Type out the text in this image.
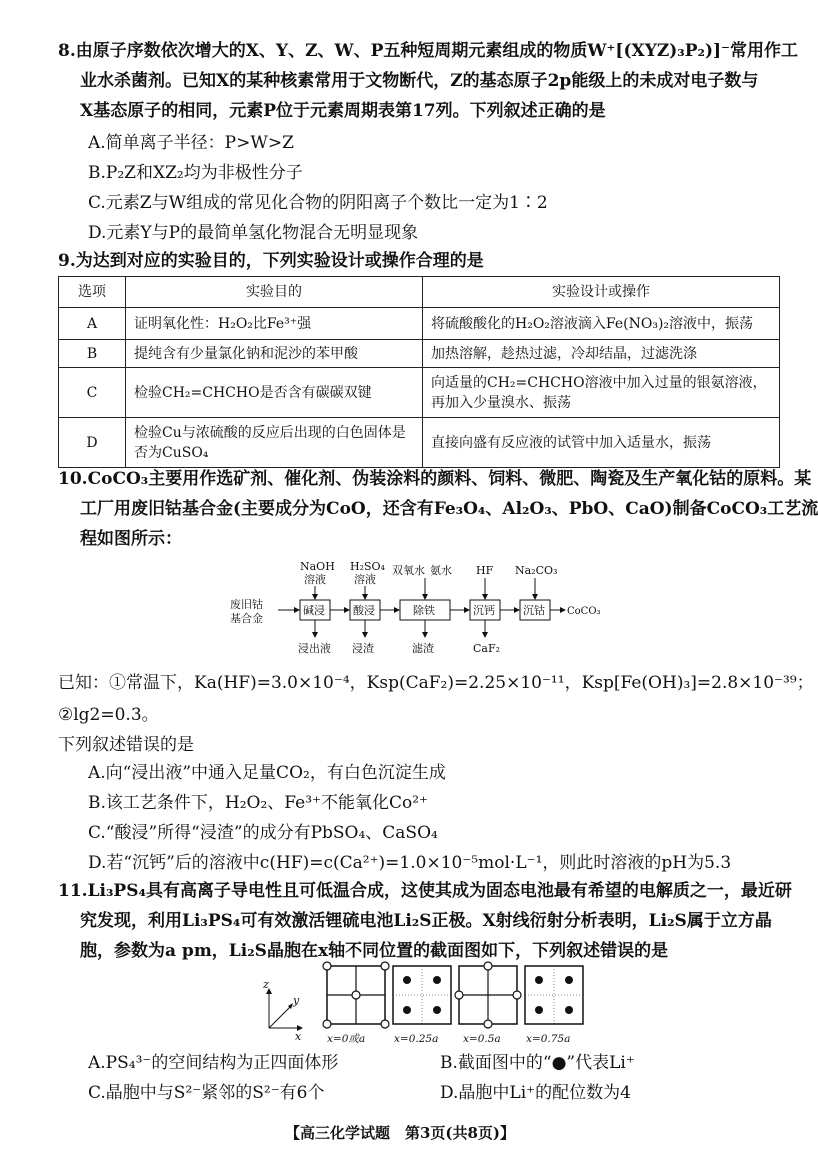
8.由原子序数依次增大的X、Y、Z、W、P五种短周期元素组成的物质W⁺[(XYZ)₃P₂)]⁻常用作工
业水杀菌剂。已知X的某种核素常用于文物断代，Z的基态原子2p能级上的未成对电子数与
X基态原子的相同，元素P位于元素周期表第17列。下列叙述正确的是
A.简单离子半径：P>W>Z
B.P₂Z和XZ₂均为非极性分子
C.元素Z与W组成的常见化合物的阴阳离子个数比一定为1∶2
D.元素Y与P的最简单氢化物混合无明显现象
9.为达到对应的实验目的，下列实验设计或操作合理的是
选项	实验目的	实验设计或操作
A	证明氧化性：H₂O₂比Fe³⁺强	将硫酸酸化的H₂O₂溶液滴入Fe(NO₃)₂溶液中，振荡
B	提纯含有少量氯化钠和泥沙的苯甲酸	加热溶解，趁热过滤，冷却结晶，过滤洗涤
C	检验CH₂=CHCHO是否含有碳碳双键	向适量的CH₂=CHCHO溶液中加入过量的银氨溶液，再加入少量溴水、振荡
D	检验Cu与浓硫酸的反应后出现的白色固体是否为CuSO₄	直接向盛有反应液的试管中加入适量水，振荡
10.CoCO₃主要用作选矿剂、催化剂、伪装涂料的颜料、饲料、微肥、陶瓷及生产氧化钴的原料。某
工厂用废旧钴基合金(主要成分为CoO，还含有Fe₃O₄、Al₂O₃、PbO、CaO)制备CoCO₃工艺流
程如图所示：
废旧钴
基合金
碱浸	酸浸	除铁	沉钙	沉钴 CoCO₃
NaOH
溶液
H₂SO₄
溶液
双氧水 氨水 HF Na₂CO₃
浸出液 浸渣	滤渣	CaF₂
已知：①常温下，Ka(HF)=3.0×10⁻⁴，Ksp(CaF₂)=2.25×10⁻¹¹，Ksp[Fe(OH)₃]=2.8×10⁻³⁹；
②lg2=0.3。
下列叙述错误的是
A.向“浸出液”中通入足量CO₂，有白色沉淀生成
B.该工艺条件下，H₂O₂、Fe³⁺不能氧化Co²⁺
C.“酸浸”所得“浸渣”的成分有PbSO₄、CaSO₄
D.若“沉钙”后的溶液中c(HF)=c(Ca²⁺)=1.0×10⁻⁵mol·L⁻¹，则此时溶液的pH为5.3
11.Li₃PS₄具有高离子导电性且可低温合成，这使其成为固态电池最有希望的电解质之一，最近研
究发现，利用Li₃PS₄可有效激活锂硫电池Li₂S正极。X射线衍射分析表明，Li₂S属于立方晶
胞，参数为a pm，Li₂S晶胞在x轴不同位置的截面图如下，下列叙述错误的是
z
y
x x=0或a	x=0.25a x=0.5a x=0.75a
A.PS₄³⁻的空间结构为正四面体形	B.截面图中的“●”代表Li⁺
C.晶胞中与S²⁻紧邻的S²⁻有6个	D.晶胞中Li⁺的配位数为4
【高三化学试题　第3页(共8页)】
